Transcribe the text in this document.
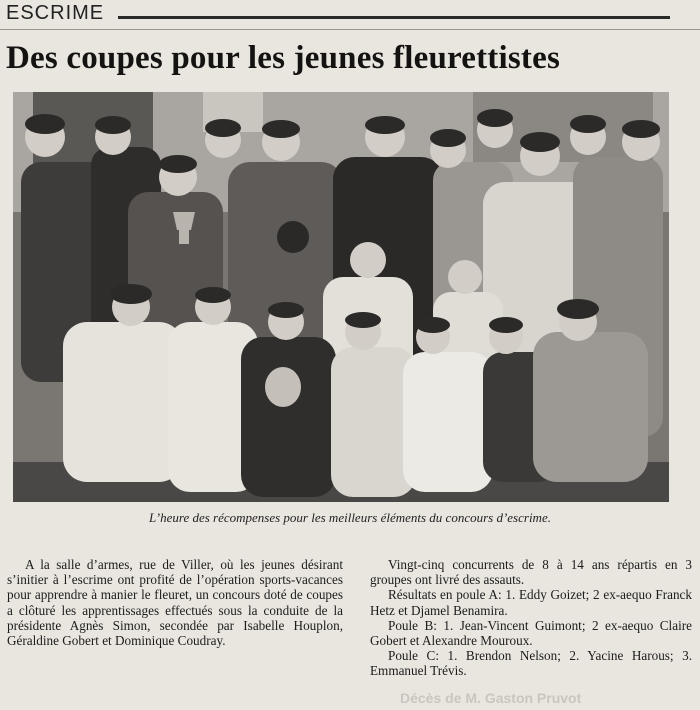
ESCRIME
Des coupes pour les jeunes fleurettistes
L’heure des récompenses pour les meilleurs éléments du concours d’escrime.

A la salle d’armes, rue de Viller, où les jeunes désirant s’initier à l’escrime ont profité de l’opération sports-vacances pour apprendre à manier le fleuret, un concours doté de coupes a clôturé les apprentissages effectués sous la conduite de la présidente Agnès Simon, secondée par Isabelle Houplon, Géraldine Gobert et Dominique Coudray.

Vingt-cinq concurrents de 8 à 14 ans répartis en 3 groupes ont livré des assauts.

Résultats en poule A: 1. Eddy Goizet; 2 ex-aequo Franck Hetz et Djamel Benamira.

Poule B: 1. Jean-Vincent Guimont; 2 ex-aequo Claire Gobert et Alexandre Mouroux.

Poule C: 1. Brendon Nelson; 2. Yacine Harous; 3. Emmanuel Trévis.

Décès de M. Gaston Pruvot
